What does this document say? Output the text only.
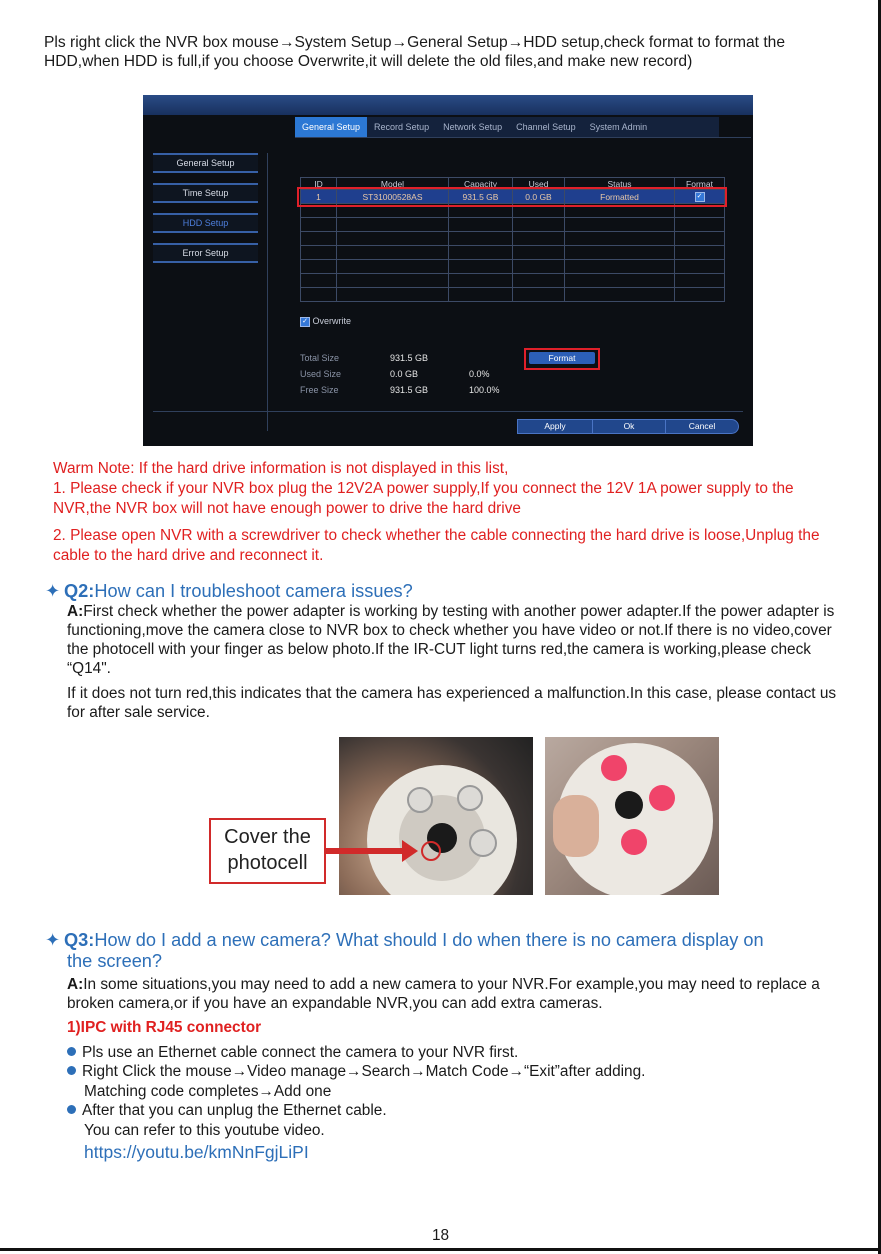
Pls right click the NVR box mouse→System Setup→General Setup→HDD setup,check format to format the HDD,when HDD is full,if you choose Overwrite,it will delete the old files,and make new record)
General Setup	Record Setup	Network Setup	Channel Setup	System Admin
General Setup
Time Setup
HDD Setup
Error Setup
ID	Model	Capacity	Used	Status	Format
1	ST31000528AS	931.5 GB	0.0 GB	Formatted	✓

✓ Overwrite
Total Size	931.5 GB
Used Size	0.0 GB	0.0%
Free Size	931.5 GB	100.0%
Format
Apply	Ok	Cancel
Warm Note: If the hard drive information is not displayed in this list,
1. Please check if your NVR box plug the 12V2A power supply,If you connect the 12V 1A power supply to the NVR,the NVR box will not have enough power to drive the hard drive
2. Please open NVR with a screwdriver to check whether the cable connecting the hard drive is loose,Unplug the cable to the hard drive and reconnect it.
✦ Q2:How can I troubleshoot camera issues?
A:First check whether the power adapter is working by testing with another power adapter.If the power adapter is functioning,move the camera close to NVR box to check whether you have video or not.If there is no video,cover the photocell with your finger as below photo.If the IR-CUT light turns red,the camera is working,please check “Q14".
If it does not turn red,this indicates that the camera has experienced a malfunction.In this case, please contact us for after sale service.
Cover the photocell
✦ Q3:How do I add a new camera? What should I do when there is no camera display on
the screen?
A:In some situations,you may need to add a new camera to your NVR.For example,you may need to replace a broken camera,or if you have an expandable NVR,you can add extra cameras.
1)IPC with RJ45 connector
Pls use an Ethernet cable connect the camera to your NVR first.
Right Click the mouse→Video manage→Search→Match Code→“Exit”after adding.
Matching code completes→Add one
After that you can unplug the Ethernet cable.
You can refer to this youtube video.
https://youtu.be/kmNnFgjLiPI
18
